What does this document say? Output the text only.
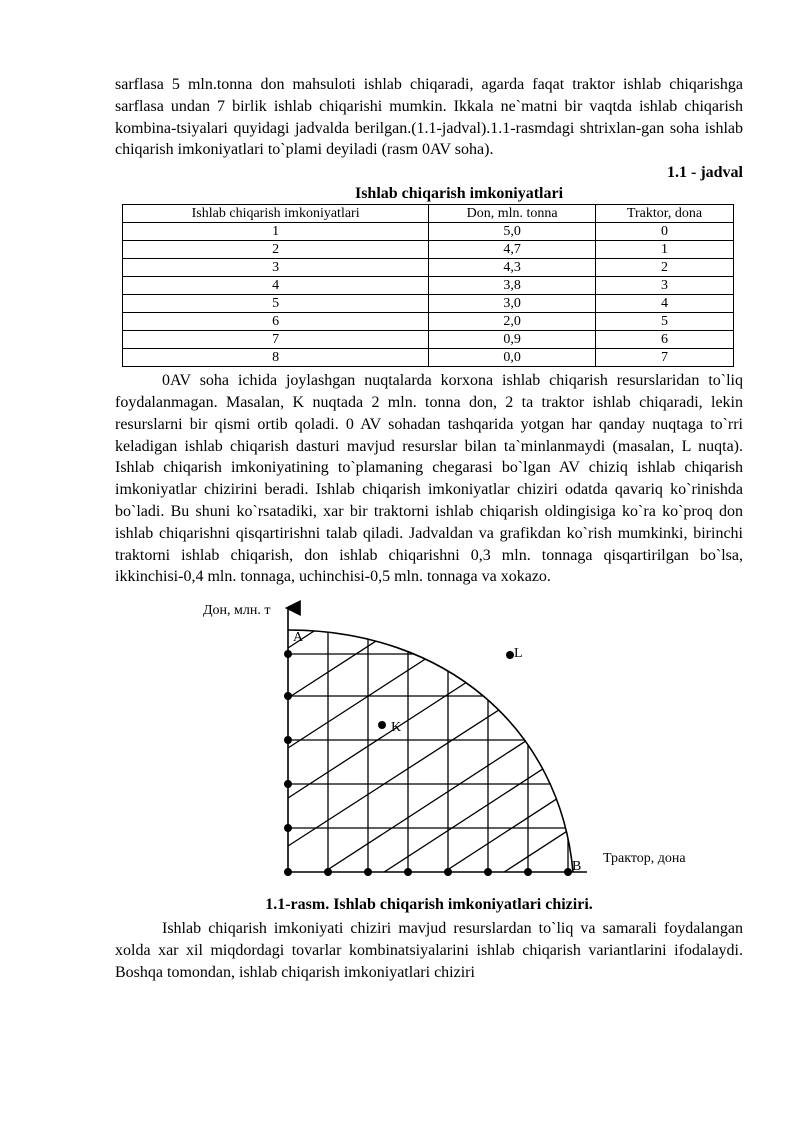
sarflasa 5 mln.tonna don mahsuloti ishlab chiqaradi, agarda faqat traktor ishlab chiqarishga sarflasa undan 7 birlik ishlab chiqarishi mumkin. Ikkala ne`matni bir vaqtda ishlab chiqarish kombina-tsiyalari quyidagi jadvalda berilgan.(1.1-jadval).1.1-rasmdagi shtrixlan-gan soha ishlab chiqarish imkoniyatlari to`plami deyiladi (rasm 0AV soha).

1.1 - jadval
Ishlab chiqarish imkoniyatlari
Ishlab chiqarish imkoniyatlari	Don, mln. tonna	Traktor, dona
1	5,0	0
2	4,7	1
3	4,3	2
4	3,8	3
5	3,0	4
6	2,0	5
7	0,9	6
8	0,0	7

0AV soha ichida joylashgan nuqtalarda korxona ishlab chiqarish resurslaridan to`liq foydalanmagan. Masalan, K nuqtada 2 mln. tonna don, 2 ta traktor ishlab chiqaradi, lekin resurslarni bir qismi ortib qoladi. 0 AV sohadan tashqarida yotgan har qanday nuqtaga to`rri keladigan ishlab chiqarish dasturi mavjud resurslar bilan ta`minlanmaydi (masalan, L nuqta). Ishlab chiqarish imkoniyatining to`plamaning chegarasi bo`lgan AV chiziq ishlab chiqarish imkoniyatlar chizirini beradi. Ishlab chiqarish imkoniyatlar chiziri odatda qavariq ko`rinishda bo`ladi. Bu shuni ko`rsatadiki, xar bir traktorni ishlab chiqarish oldingisiga ko`ra ko`proq don ishlab chiqarishni qisqartirishni talab qiladi. Jadvaldan va grafikdan ko`rish mumkinki, birinchi traktorni ishlab chiqarish, don ishlab chiqarishni 0,3 mln. tonnaga qisqartirilgan bo`lsa, ikkinchisi-0,4 mln. tonnaga, uchinchisi-0,5 mln. tonnaga va xokazo.

Дон, млн. т
A
L
K
B
Трактор, дона
1.1-rasm. Ishlab chiqarish imkoniyatlari chiziri.

Ishlab chiqarish imkoniyati chiziri mavjud resurslardan to`liq va samarali foydalangan xolda xar xil miqdordagi tovarlar kombinatsiyalarini ishlab chiqarish variantlarini ifodalaydi. Boshqa tomondan, ishlab chiqarish imkoniyatlari chiziri
